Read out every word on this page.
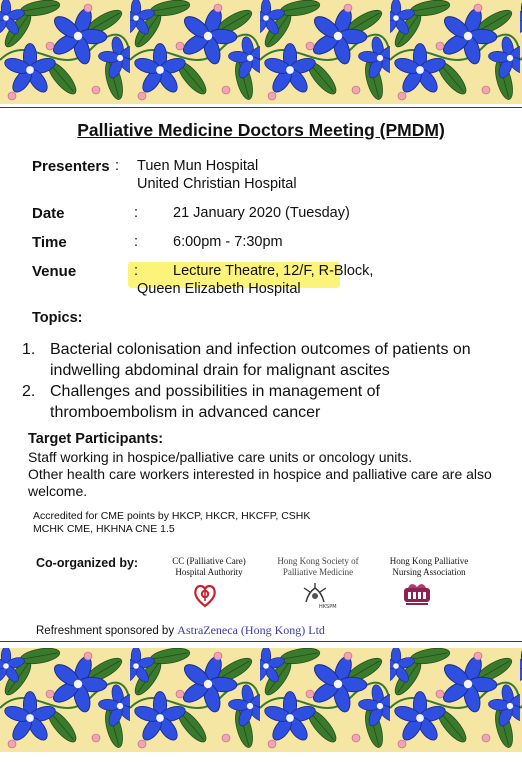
Palliative Medicine Doctors Meeting (PMDM)
Presenters : Tuen Mun Hospital
United Christian Hospital
Date	: 21 January 2020 (Tuesday)
Time	: 6:00pm - 7:30pm
Venue	: Lecture Theatre, 12/F, R-Block,
Queen Elizabeth Hospital
Topics:
1. Bacterial colonisation and infection outcomes of patients on indwelling abdominal drain for malignant ascites
2. Challenges and possibilities in management of thromboembolism in advanced cancer
Target Participants:
Staff working in hospice/palliative care units or oncology units.
Other health care workers interested in hospice and palliative care are also welcome.
Accredited for CME points by HKCP, HKCR, HKCFP, CSHK
MCHK CME, HKHNA CNE 1.5
Co-organized by:	CC (Palliative Care)
Hospital Authority
Hong Kong Society of
Palliative Medicine
Hong Kong Palliative
Nursing Association
HKSPM
Refreshment sponsored by AstraZeneca (Hong Kong) Ltd
